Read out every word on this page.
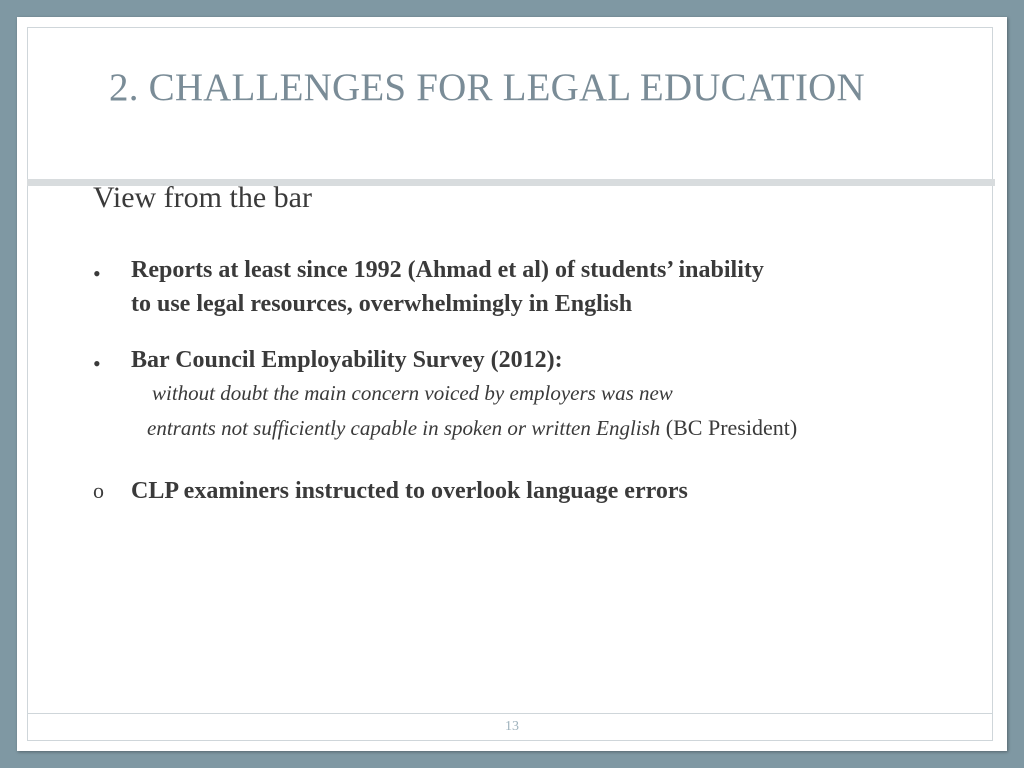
2. CHALLENGES FOR LEGAL EDUCATION
View from the bar
• Reports at least since 1992 (Ahmad et al) of students’ inability
to use legal resources, overwhelmingly in English
• Bar Council Employability Survey (2012):
without doubt the main concern voiced by employers was new
entrants not sufficiently capable in spoken or written English (BC President)
o CLP examiners instructed to overlook language errors
13
